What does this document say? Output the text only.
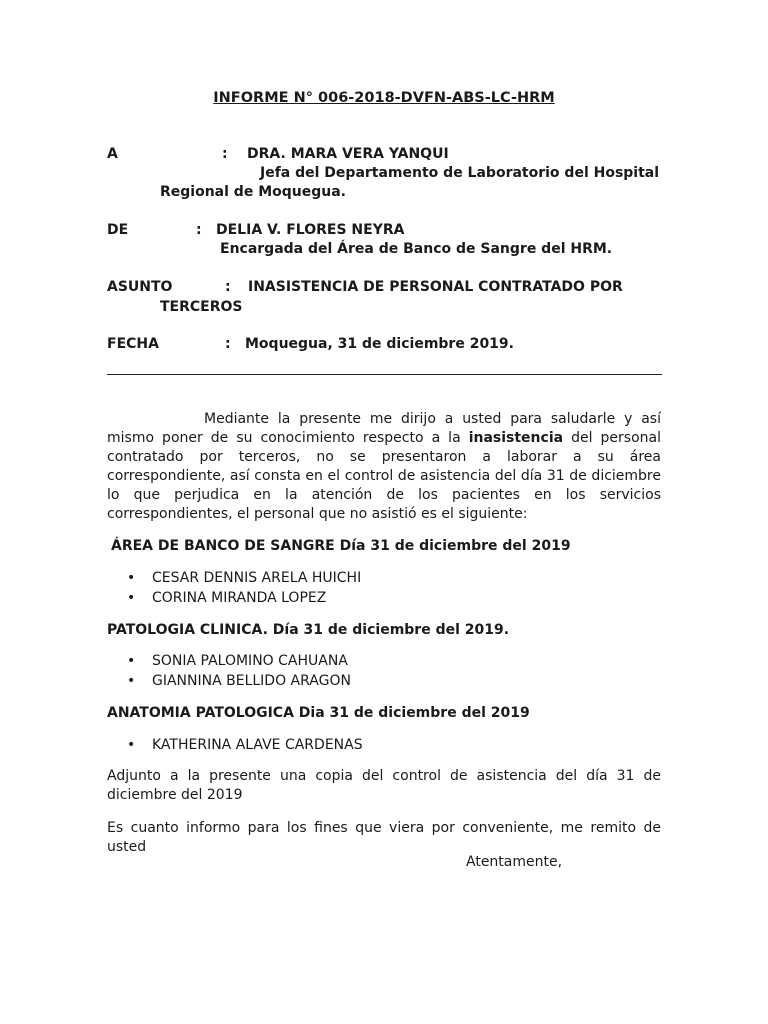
INFORME N° 006-2018-DVFN-ABS-LC-HRM
A	: DRA. MARA VERA YANQUI
Jefa del Departamento de Laboratorio del Hospital
Regional de Moquegua.
DE	: DELIA V. FLORES NEYRA
Encargada del Área de Banco de Sangre del HRM.
ASUNTO	: INASISTENCIA DE PERSONAL CONTRATADO POR
TERCEROS
FECHA	: Moquegua, 31 de diciembre 2019.
Mediante la presente me dirijo a usted para saludarle y así mismo poner de su conocimiento respecto a la inasistencia del personal contratado por terceros, no se presentaron a laborar a su área correspondiente, así consta en el control de asistencia del día 31 de diciembre lo que perjudica en la atención de los pacientes en los servicios correspondientes, el personal que no asistió es el siguiente:
ÁREA DE BANCO DE SANGRE Día 31 de diciembre del 2019
• CESAR DENNIS ARELA HUICHI
• CORINA MIRANDA LOPEZ
PATOLOGIA CLINICA. Día 31 de diciembre del 2019.
• SONIA PALOMINO CAHUANA
• GIANNINA BELLIDO ARAGON
ANATOMIA PATOLOGICA Dia 31 de diciembre del 2019
• KATHERINA ALAVE CARDENAS
Adjunto a la presente una copia del control de asistencia del día 31 de diciembre del 2019
Es cuanto informo para los fines que viera por conveniente, me remito de usted
Atentamente,
